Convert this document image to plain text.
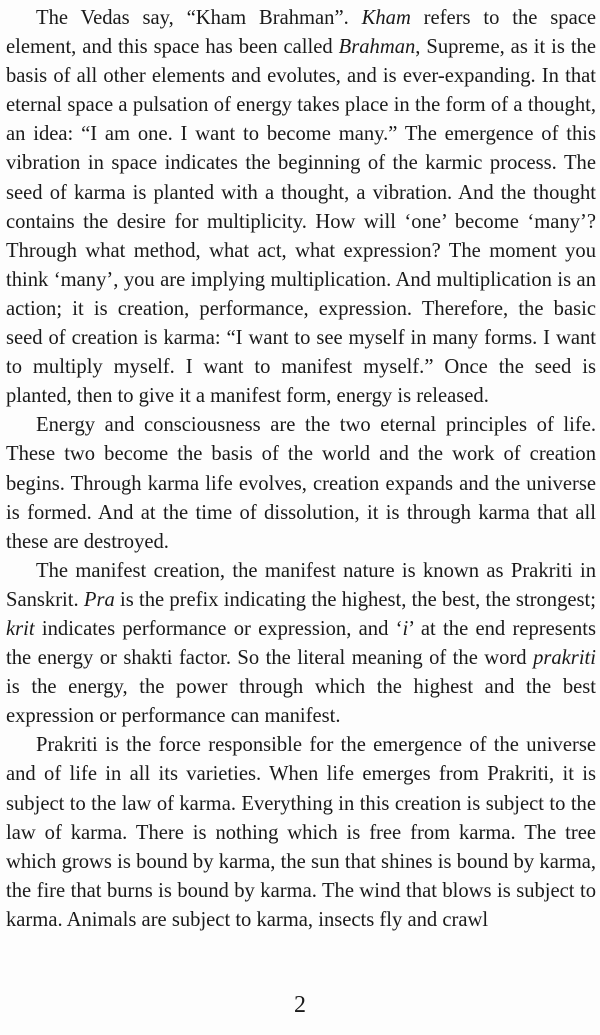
The Vedas say, “Kham Brahman”. Kham refers to the space element, and this space has been called Brahman, Supreme, as it is the basis of all other elements and evolutes, and is ever-expanding. In that eternal space a pulsation of energy takes place in the form of a thought, an idea: “I am one. I want to become many.” The emergence of this vibration in space indicates the beginning of the karmic process. The seed of karma is planted with a thought, a vibration. And the thought contains the desire for multiplicity. How will ‘one’ become ‘many’? Through what method, what act, what expression? The moment you think ‘many’, you are implying multiplication. And multiplication is an action; it is creation, performance, expression. Therefore, the basic seed of creation is karma: “I want to see myself in many forms. I want to multiply myself. I want to manifest myself.” Once the seed is planted, then to give it a manifest form, energy is released.

Energy and consciousness are the two eternal principles of life. These two become the basis of the world and the work of creation begins. Through karma life evolves, creation expands and the universe is formed. And at the time of dissolution, it is through karma that all these are destroyed.

The manifest creation, the manifest nature is known as Prakriti in Sanskrit. Pra is the prefix indicating the highest, the best, the strongest; krit indicates performance or expression, and ‘i’ at the end represents the energy or shakti factor. So the literal meaning of the word prakriti is the energy, the power through which the highest and the best expression or performance can manifest.

Prakriti is the force responsible for the emergence of the universe and of life in all its varieties. When life emerges from Prakriti, it is subject to the law of karma. Everything in this creation is subject to the law of karma. There is nothing which is free from karma. The tree which grows is bound by karma, the sun that shines is bound by karma, the fire that burns is bound by karma. The wind that blows is subject to karma. Animals are subject to karma, insects fly and crawl

2
